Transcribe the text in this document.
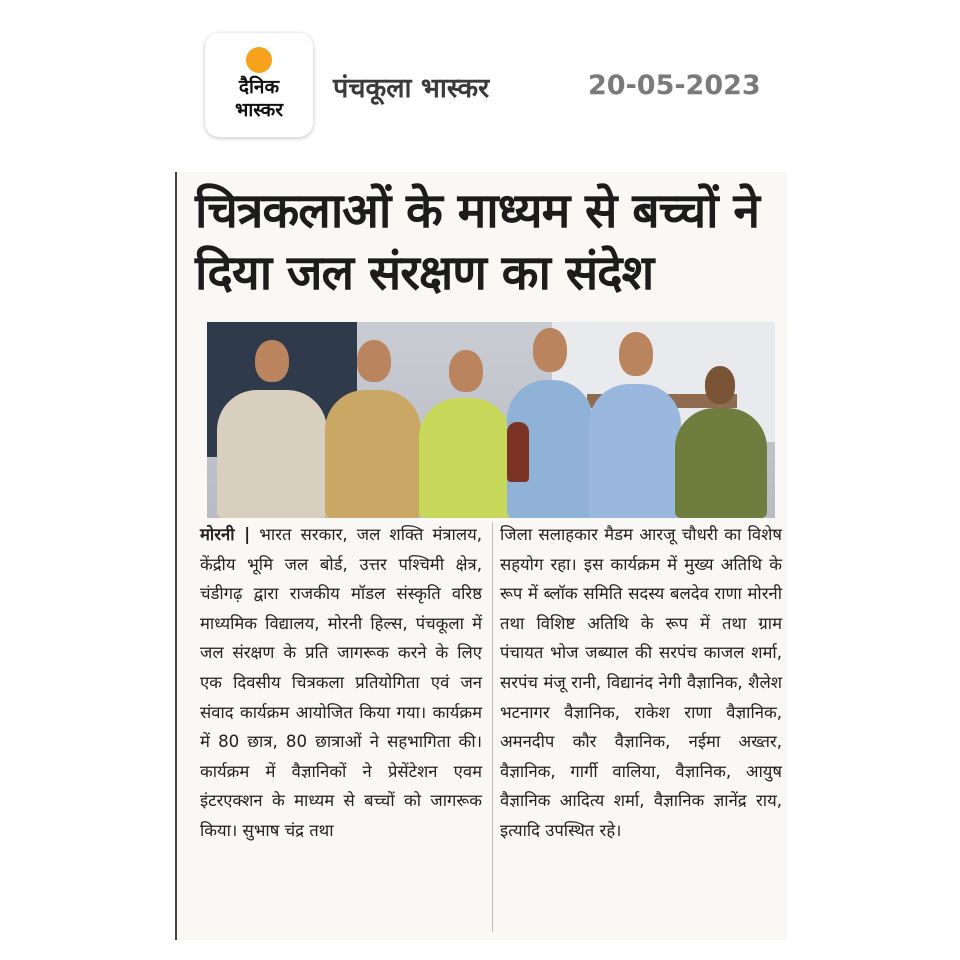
दैनिक
भास्कर
पंचकूला भास्कर	20-05-2023
चित्रकलाओं के माध्यम से बच्चों ने दिया जल संरक्षण का संदेश
मोरनी | भारत सरकार, जल शक्ति मंत्रालय, केंद्रीय भूमि जल बोर्ड, उत्तर पश्चिमी क्षेत्र, चंडीगढ़ द्वारा राजकीय मॉडल संस्कृति वरिष्ठ माध्यमिक विद्यालय, मोरनी हिल्स, पंचकूला में जल संरक्षण के प्रति जागरूक करने के लिए एक दिवसीय चित्रकला प्रतियोगिता एवं जन संवाद कार्यक्रम आयोजित किया गया। कार्यक्रम में 80 छात्र, 80 छात्राओं ने सहभागिता की। कार्यक्रम में वैज्ञानिकों ने प्रेसेंटेशन एवम इंटरएक्शन के माध्यम से बच्चों को जागरूक किया। सुभाष चंद्र तथा
जिला सलाहकार मैडम आरजू चौधरी का विशेष सहयोग रहा। इस कार्यक्रम में मुख्य अतिथि के रूप में ब्लॉक समिति सदस्य बलदेव राणा मोरनी तथा विशिष्ट अतिथि के रूप में तथा ग्राम पंचायत भोज जब्याल की सरपंच काजल शर्मा, सरपंच मंजू रानी, विद्यानंद नेगी वैज्ञानिक, शैलेश भटनागर वैज्ञानिक, राकेश राणा वैज्ञानिक, अमनदीप कौर वैज्ञानिक, नईमा अख्तर, वैज्ञानिक, गार्गी वालिया, वैज्ञानिक, आयुष वैज्ञानिक आदित्य शर्मा, वैज्ञानिक ज्ञानेंद्र राय, इत्यादि उपस्थित रहे।
